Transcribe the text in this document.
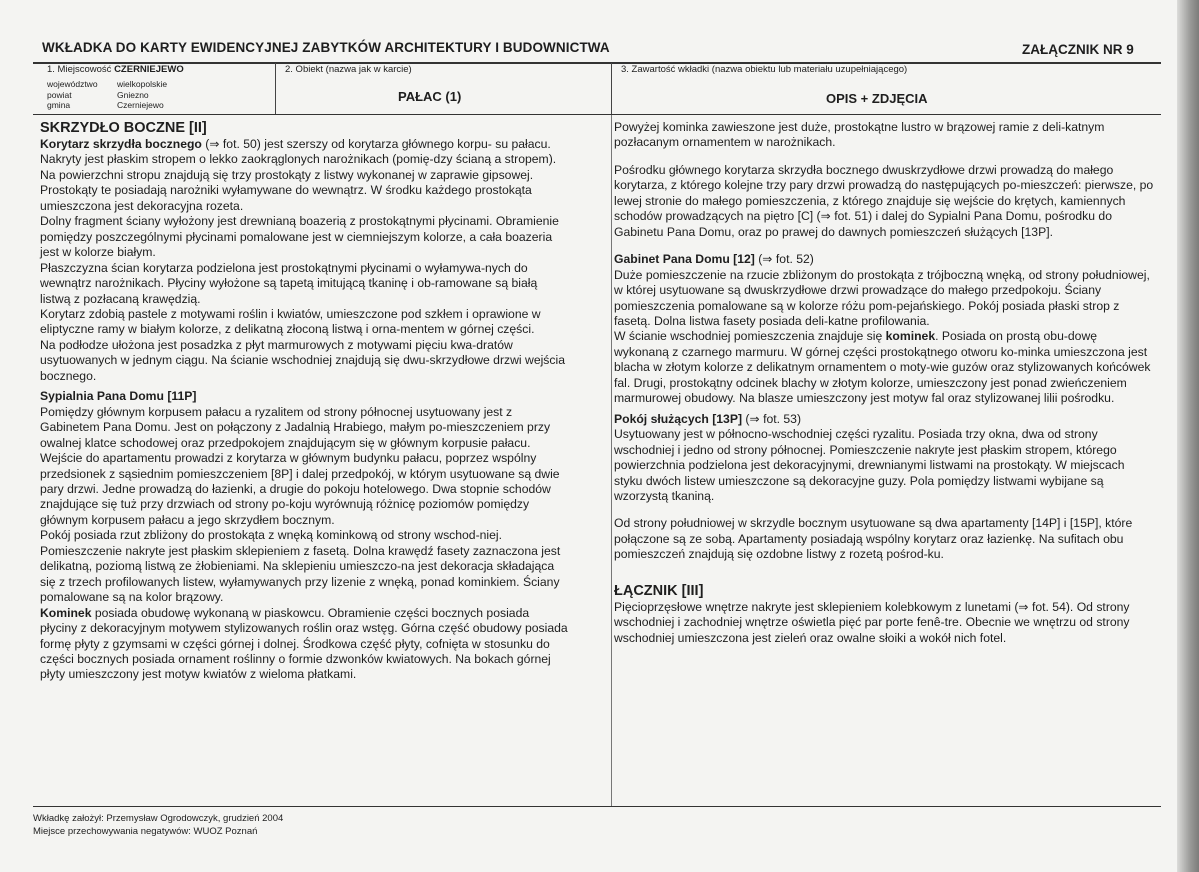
WKŁADKA DO KARTY EWIDENCYJNEJ ZABYTKÓW ARCHITEKTURY I BUDOWNICTWA	ZAŁĄCZNIK NR 9
1. Miejscowość CZERNIEJEWO
województwo wielkopolskie
powiat	Gniezno
gmina	Czerniejewo
2. Obiekt (nazwa jak w karcie)
PAŁAC (1)
3. Zawartość wkładki (nazwa obiektu lub materiału uzupełniającego)
OPIS + ZDJĘCIA

SKRZYDŁO BOCZNE [II]

Korytarz skrzydła bocznego (⇒ fot. 50) jest szerszy od korytarza głównego korpu- su pałacu. Nakryty jest płaskim stropem o lekko zaokrąglonych narożnikach (pomię-dzy ścianą a stropem). Na powierzchni stropu znajdują się trzy prostokąty z listwy wykonanej w zaprawie gipsowej. Prostokąty te posiadają narożniki wyłamywane do wewnątrz. W środku każdego prostokąta umieszczona jest dekoracyjna rozeta.

Dolny fragment ściany wyłożony jest drewnianą boazerią z prostokątnymi płycinami. Obramienie pomiędzy poszczególnymi płycinami pomalowane jest w ciemniejszym kolorze, a cała boazeria jest w kolorze białym.

Płaszczyzna ścian korytarza podzielona jest prostokątnymi płycinami o wyłamywa-nych do wewnątrz narożnikach. Płyciny wyłożone są tapetą imitującą tkaninę i ob-ramowane są białą listwą z pozłacaną krawędzią.

Korytarz zdobią pastele z motywami roślin i kwiatów, umieszczone pod szkłem i oprawione w eliptyczne ramy w białym kolorze, z delikatną złoconą listwą i orna-mentem w górnej części.

Na podłodze ułożona jest posadzka z płyt marmurowych z motywami pięciu kwa-dratów usytuowanych w jednym ciągu. Na ścianie wschodniej znajdują się dwu-skrzydłowe drzwi wejścia bocznego.

Sypialnia Pana Domu [11P]

Pomiędzy głównym korpusem pałacu a ryzalitem od strony północnej usytuowany jest z Gabinetem Pana Domu. Jest on połączony z Jadalnią Hrabiego, małym po-mieszczeniem przy owalnej klatce schodowej oraz przedpokojem znajdującym się w głównym korpusie pałacu.

Wejście do apartamentu prowadzi z korytarza w głównym budynku pałacu, poprzez wspólny przedsionek z sąsiednim pomieszczeniem [8P] i dalej przedpokój, w którym usytuowane są dwie pary drzwi. Jedne prowadzą do łazienki, a drugie do pokoju hotelowego. Dwa stopnie schodów znajdujące się tuż przy drzwiach od strony po-koju wyrównują różnicę poziomów pomiędzy głównym korpusem pałacu a jego skrzydłem bocznym.

Pokój posiada rzut zbliżony do prostokąta z wnęką kominkową od strony wschod-niej. Pomieszczenie nakryte jest płaskim sklepieniem z fasetą. Dolna krawędź fasety zaznaczona jest delikatną, poziomą listwą ze żłobieniami. Na sklepieniu umieszczo-na jest dekoracja składająca się z trzech profilowanych listew, wyłamywanych przy lizenie z wnęką, ponad kominkiem. Ściany pomalowane są na kolor brązowy.

Kominek posiada obudowę wykonaną w piaskowcu. Obramienie części bocznych posiada płyciny z dekoracyjnym motywem stylizowanych roślin oraz wstęg. Górna część obudowy posiada formę płyty z gzymsami w części górnej i dolnej. Środkowa część płyty, cofnięta w stosunku do części bocznych posiada ornament roślinny o formie dzwonków kwiatowych. Na bokach górnej płyty umieszczony jest motyw kwiatów z wieloma płatkami.

Powyżej kominka zawieszone jest duże, prostokątne lustro w brązowej ramie z deli-katnym pozłacanym ornamentem w narożnikach.

Pośrodku głównego korytarza skrzydła bocznego dwuskrzydłowe drzwi prowadzą do małego korytarza, z którego kolejne trzy pary drzwi prowadzą do następujących po-mieszczeń: pierwsze, po lewej stronie do małego pomieszczenia, z którego znajduje się wejście do krętych, kamiennych schodów prowadzących na piętro [C] (⇒ fot. 51) i dalej do Sypialni Pana Domu, pośrodku do Gabinetu Pana Domu, oraz po prawej do dawnych pomieszczeń służących [13P].

Gabinet Pana Domu [12] (⇒ fot. 52)

Duże pomieszczenie na rzucie zbliżonym do prostokąta z trójboczną wnęką, od strony południowej, w której usytuowane są dwuskrzydłowe drzwi prowadzące do małego przedpokoju. Ściany pomieszczenia pomalowane są w kolorze różu pom-pejańskiego. Pokój posiada płaski strop z fasetą. Dolna listwa fasety posiada deli-katne profilowania.

W ścianie wschodniej pomieszczenia znajduje się kominek. Posiada on prostą obu-dowę wykonaną z czarnego marmuru. W górnej części prostokątnego otworu ko-minka umieszczona jest blacha w złotym kolorze z delikatnym ornamentem o moty-wie guzów oraz stylizowanych końcówek fal. Drugi, prostokątny odcinek blachy w złotym kolorze, umieszczony jest ponad zwieńczeniem marmurowej obudowy. Na blasze umieszczony jest motyw fal oraz stylizowanej lilii pośrodku.

Pokój służących [13P] (⇒ fot. 53)

Usytuowany jest w północno-wschodniej części ryzalitu. Posiada trzy okna, dwa od strony wschodniej i jedno od strony północnej. Pomieszczenie nakryte jest płaskim stropem, którego powierzchnia podzielona jest dekoracyjnymi, drewnianymi listwami na prostokąty. W miejscach styku dwóch listew umieszczone są dekoracyjne guzy. Pola pomiędzy listwami wybijane są wzorzystą tkaniną.

Od strony południowej w skrzydle bocznym usytuowane są dwa apartamenty [14P] i [15P], które połączone są ze sobą. Apartamenty posiadają wspólny korytarz oraz łazienkę. Na sufitach obu pomieszczeń znajdują się ozdobne listwy z rozetą pośrod-ku.

ŁĄCZNIK [III]

Pięcioprzęsłowe wnętrze nakryte jest sklepieniem kolebkowym z lunetami (⇒ fot. 54). Od strony wschodniej i zachodniej wnętrze oświetla pięć par porte fenê-tre. Obecnie we wnętrzu od strony wschodniej umieszczona jest zieleń oraz owalne słoiki a wokół nich fotel.

Wkładkę założył: Przemysław Ogrodowczyk, grudzień 2004
Miejsce przechowywania negatywów: WUOZ Poznań
